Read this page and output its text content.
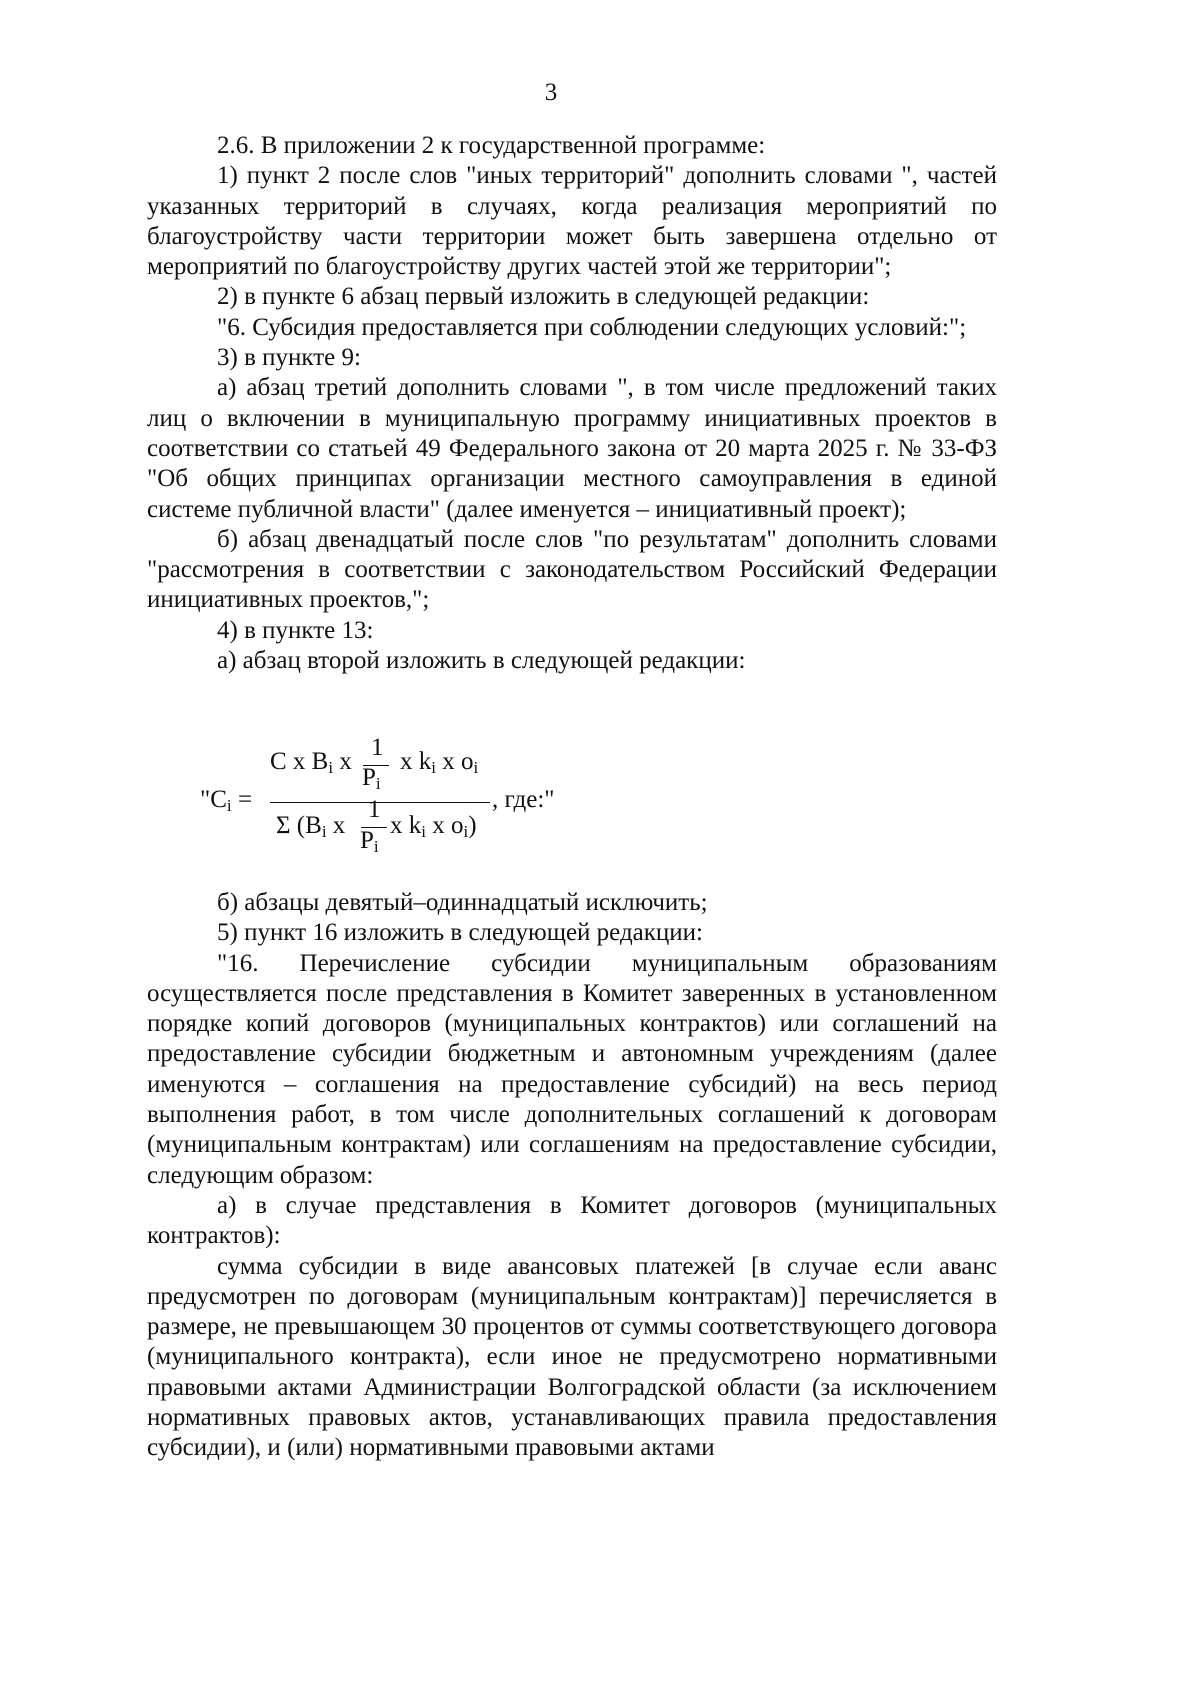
3

2.6. В приложении 2 к государственной программе:

1) пункт 2 после слов "иных территорий" дополнить словами ", частей указанных территорий в случаях, когда реализация мероприятий по благоустройству части территории может быть завершена отдельно от мероприятий по благоустройству других частей этой же территории";

2) в пункте 6 абзац первый изложить в следующей редакции:

"6. Субсидия предоставляется при соблюдении следующих условий:";

3) в пункте 9:

а) абзац третий дополнить словами ", в том числе предложений таких лиц о включении в муниципальную программу инициативных проектов в соответствии со статьей 49 Федерального закона от 20 марта 2025 г. № 33-ФЗ "Об общих принципах организации местного самоуправления в единой системе публичной власти" (далее именуется – инициативный проект);

б) абзац двенадцатый после слов "по результатам" дополнить словами "рассмотрения в соответствии с законодательством Российский Федерации инициативных проектов,";

4) в пункте 13:

а) абзац второй изложить в следующей редакции:

"Ci =
C x Bi x
1
Pi
x ki x oi
, где:"
Σ (Bi x
1
Pi
x ki x oi)

б) абзацы девятый–одиннадцатый исключить;

5) пункт 16 изложить в следующей редакции:

"16. Перечисление субсидии муниципальным образованиям осуществляется после представления в Комитет заверенных в установленном порядке копий договоров (муниципальных контрактов) или соглашений на предоставление субсидии бюджетным и автономным учреждениям (далее именуются – соглашения на предоставление субсидий) на весь период выполнения работ, в том числе дополнительных соглашений к договорам (муниципальным контрактам) или соглашениям на предоставление субсидии, следующим образом:

а) в случае представления в Комитет договоров (муниципальных контрактов):

сумма субсидии в виде авансовых платежей [в случае если аванс предусмотрен по договорам (муниципальным контрактам)] перечисляется в размере, не превышающем 30 процентов от суммы соответствующего договора (муниципального контракта), если иное не предусмотрено нормативными правовыми актами Администрации Волгоградской области (за исключением нормативных правовых актов, устанавливающих правила предоставления субсидии), и (или) нормативными правовыми актами
